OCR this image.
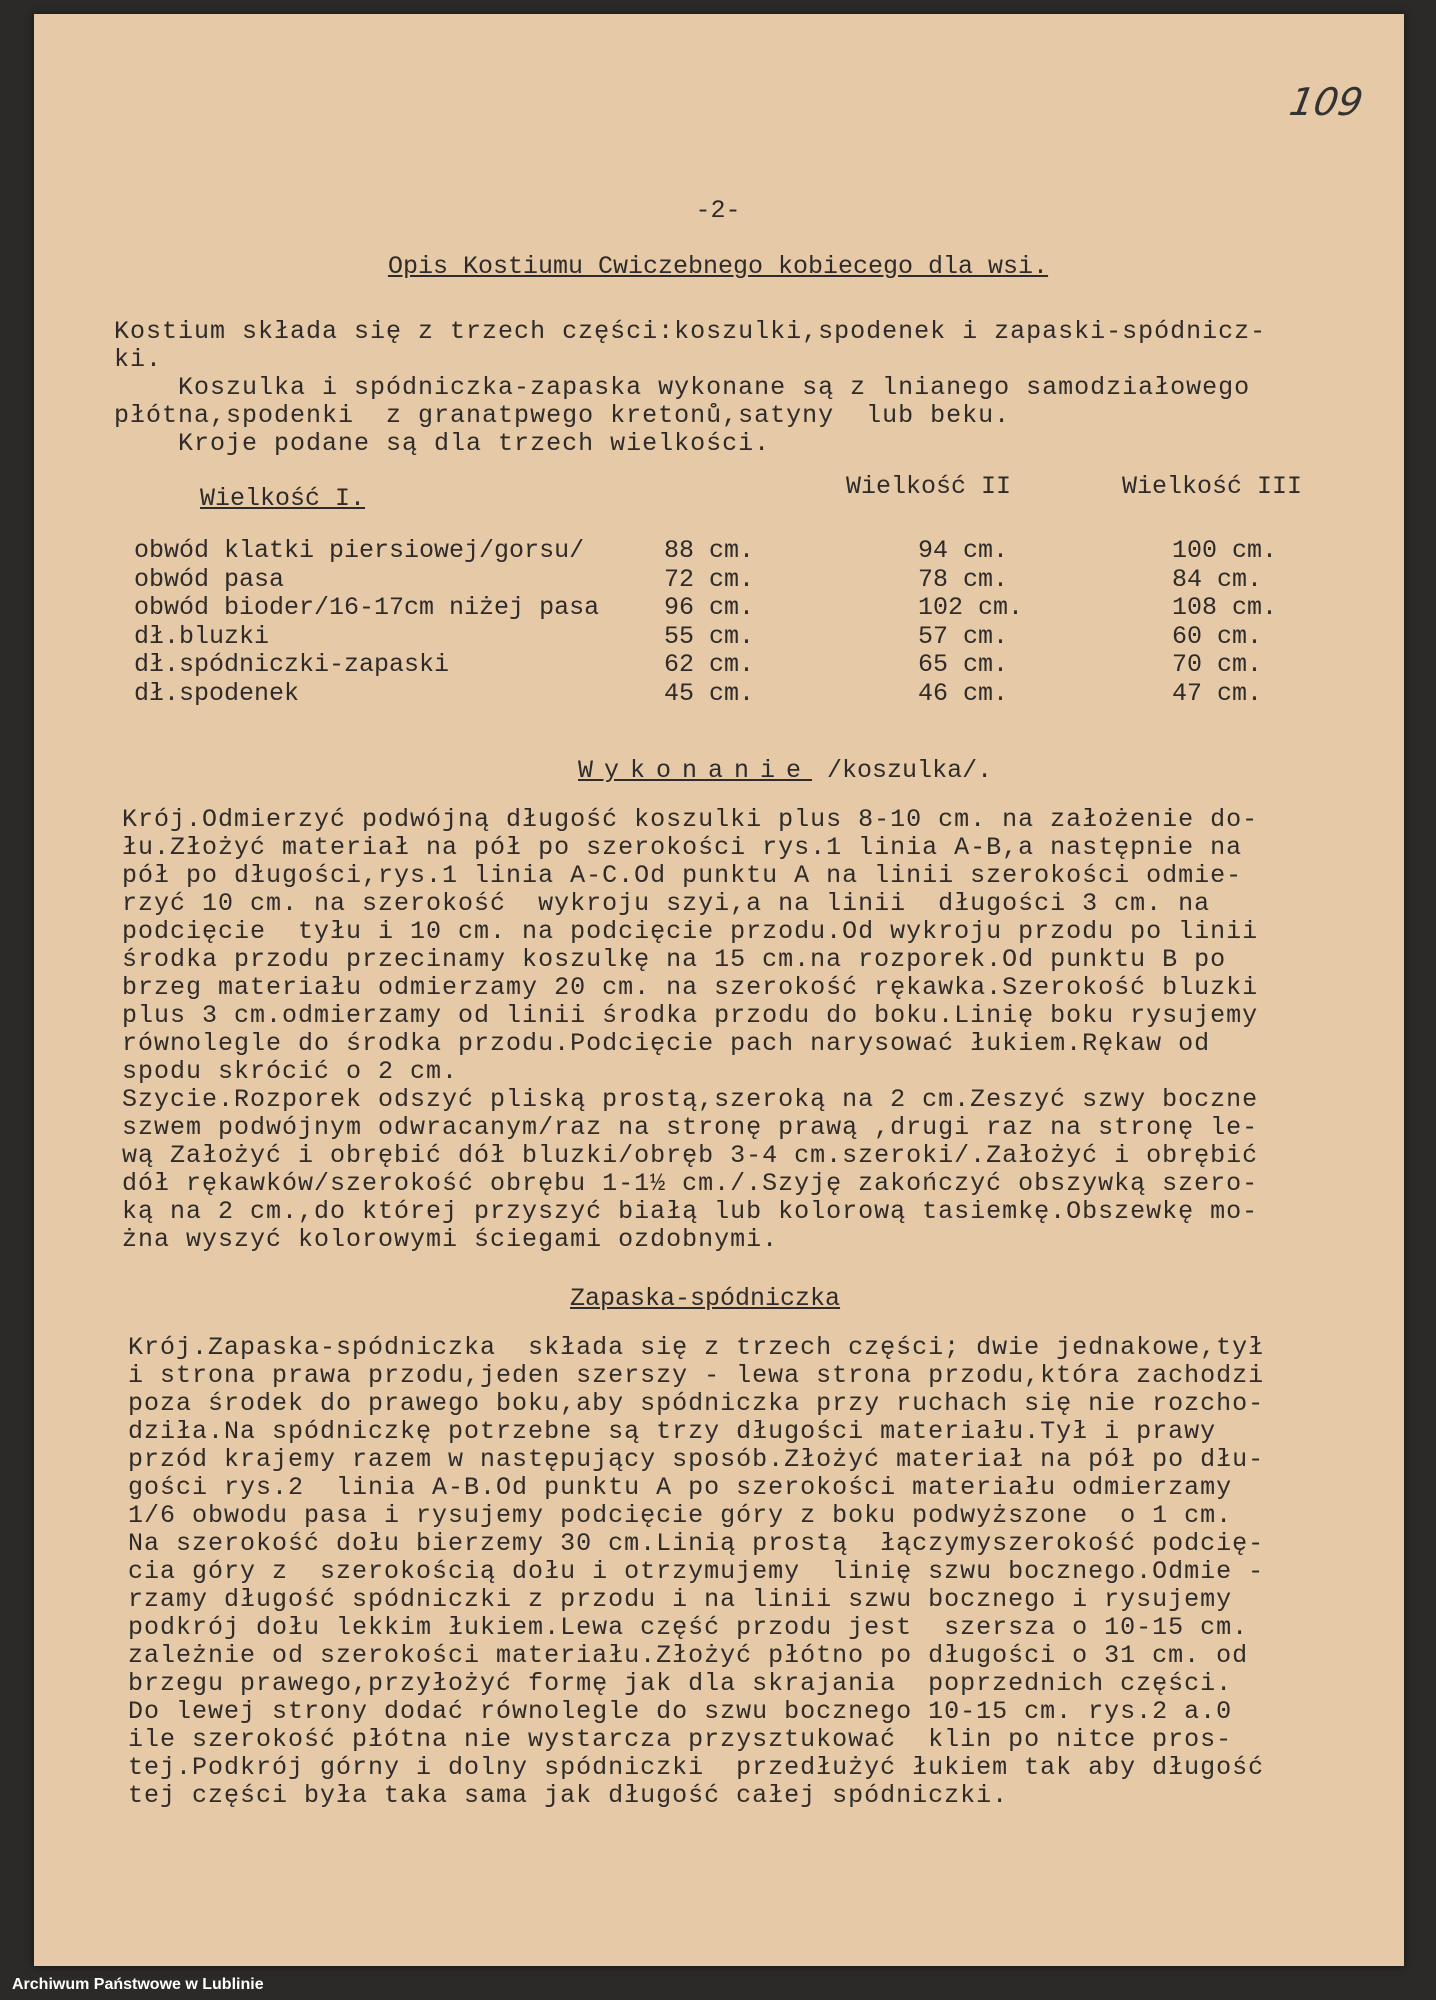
109
-2-
Opis Kostiumu Cwiczebnego kobiecego dla wsi.
Kostium składa się z trzech części:koszulki,spodenek i zapaski-spódnicz-
ki.
Koszulka i spódniczka-zapaska wykonane są z lnianego samodziałowego
płótna,spodenki  z granatpwego kretonů,satyny  lub beku.
Kroje podane są dla trzech wielkości.
Wielkość I.	Wielkość II	Wielkość III
obwód klatki piersiowej/gorsu/	88 cm.	94 cm.	100 cm.
obwód pasa	72 cm.	78 cm.	84 cm.
obwód bioder/16-17cm niżej pasa	96 cm.	102 cm.	108 cm.
dł.bluzki	55 cm.	57 cm.	60 cm.
dł.spódniczki-zapaski	62 cm.	65 cm.	70 cm.
dł.spodenek	45 cm.	46 cm.	47 cm.
Wykonanie /koszulka/.
Krój.Odmierzyć podwójną długość koszulki plus 8-10 cm. na założenie do-
łu.Złożyć materiał na pół po szerokości rys.1 linia A-B,a następnie na
pół po długości,rys.1 linia A-C.Od punktu A na linii szerokości odmie-
rzyć 10 cm. na szerokość  wykroju szyi,a na linii  długości 3 cm. na
podcięcie  tyłu i 10 cm. na podcięcie przodu.Od wykroju przodu po linii
środka przodu przecinamy koszulkę na 15 cm.na rozporek.Od punktu B po
brzeg materiału odmierzamy 20 cm. na szerokość rękawka.Szerokość bluzki
plus 3 cm.odmierzamy od linii środka przodu do boku.Linię boku rysujemy
równolegle do środka przodu.Podcięcie pach narysować łukiem.Rękaw od
spodu skrócić o 2 cm.
Szycie.Rozporek odszyć pliską prostą,szeroką na 2 cm.Zeszyć szwy boczne
szwem podwójnym odwracanym/raz na stronę prawą ,drugi raz na stronę le-
wą Założyć i obrębić dół bluzki/obręb 3-4 cm.szeroki/.Założyć i obrębić
dół rękawków/szerokość obrębu 1-1½ cm./.Szyję zakończyć obszywką szero-
ką na 2 cm.,do której przyszyć białą lub kolorową tasiemkę.Obszewkę mo-
żna wyszyć kolorowymi ściegami ozdobnymi.
Zapaska-spódniczka
Krój.Zapaska-spódniczka  składa się z trzech części; dwie jednakowe,tył
i strona prawa przodu,jeden szerszy - lewa strona przodu,która zachodzi
poza środek do prawego boku,aby spódniczka przy ruchach się nie rozcho-
dziła.Na spódniczkę potrzebne są trzy długości materiału.Tył i prawy
przód krajemy razem w następujący sposób.Złożyć materiał na pół po dłu-
gości rys.2  linia A-B.Od punktu A po szerokości materiału odmierzamy
1/6 obwodu pasa i rysujemy podcięcie góry z boku podwyższone  o 1 cm.
Na szerokość dołu bierzemy 30 cm.Linią prostą  łączymyszerokość podcię-
cia góry z  szerokością dołu i otrzymujemy  linię szwu bocznego.Odmie -
rzamy długość spódniczki z przodu i na linii szwu bocznego i rysujemy
podkrój dołu lekkim łukiem.Lewa część przodu jest  szersza o 10-15 cm.
zależnie od szerokości materiału.Złożyć płótno po długości o 31 cm. od
brzegu prawego,przyłożyć formę jak dla skrajania  poprzednich części.
Do lewej strony dodać równolegle do szwu bocznego 10-15 cm. rys.2 a.0
ile szerokość płótna nie wystarcza przysztukować  klin po nitce pros-
tej.Podkrój górny i dolny spódniczki  przedłużyć łukiem tak aby długość
tej części była taka sama jak długość całej spódniczki.
Archiwum Państwowe w Lublinie
